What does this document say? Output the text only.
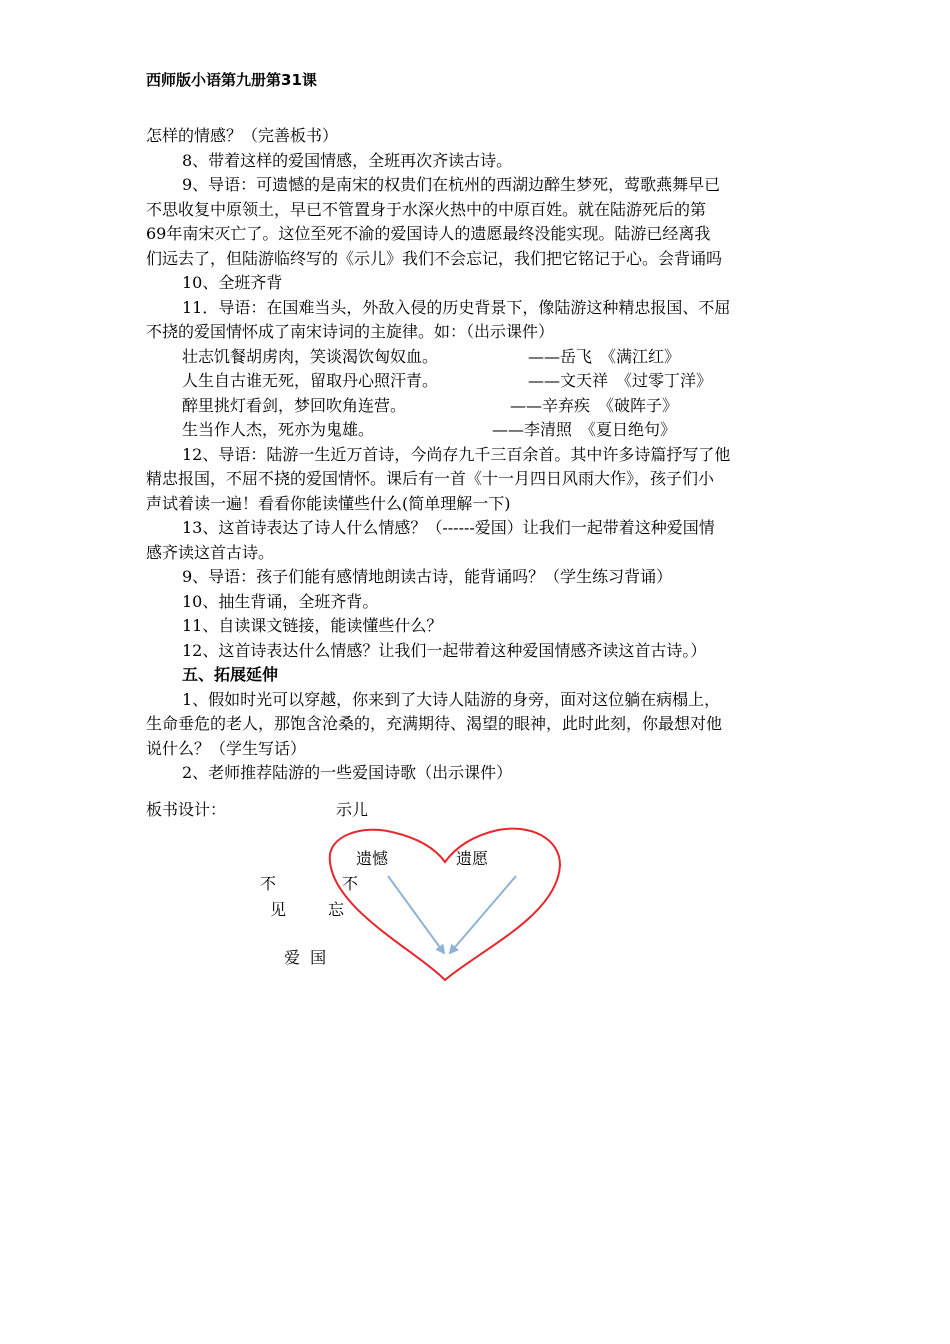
西师版小语第九册第31课

怎样的情感？（完善板书）

8、带着这样的爱国情感，全班再次齐读古诗。

9、导语：可遗憾的是南宋的权贵们在杭州的西湖边醉生梦死，莺歌燕舞早已

不思收复中原领土，早已不管置身于水深火热中的中原百姓。就在陆游死后的第

69年南宋灭亡了。这位至死不渝的爱国诗人的遗愿最终没能实现。陆游已经离我

们远去了，但陆游临终写的《示儿》我们不会忘记，我们把它铭记于心。会背诵吗

10、全班齐背

11．导语：在国难当头，外敌入侵的历史背景下，像陆游这种精忠报国、不屈

不挠的爱国情怀成了南宋诗词的主旋律。如：（出示课件）

壮志饥餐胡虏肉，笑谈渴饮匈奴血。	——岳飞　《满江红》

人生自古谁无死，留取丹心照汗青。	——文天祥　《过零丁洋》

醉里挑灯看剑，梦回吹角连营。	——辛弃疾　《破阵子》

生当作人杰，死亦为鬼雄。	——李清照　《夏日绝句》

12、导语：陆游一生近万首诗，今尚存九千三百余首。其中许多诗篇抒写了他

精忠报国，不屈不挠的爱国情怀。课后有一首《十一月四日风雨大作》，孩子们小

声试着读一遍！看看你能读懂些什么(简单理解一下)

13、这首诗表达了诗人什么情感？（------爱国）让我们一起带着这种爱国情

感齐读这首古诗。

9、导语：孩子们能有感情地朗读古诗，能背诵吗？（学生练习背诵）

10、抽生背诵，全班齐背。

11、自读课文链接，能读懂些什么？

12、这首诗表达什么情感？让我们一起带着这种爱国情感齐读这首古诗。）

五、拓展延伸

1、假如时光可以穿越，你来到了大诗人陆游的身旁，面对这位躺在病榻上，

生命垂危的老人，那饱含沧桑的，充满期待、渴望的眼神，此时此刻，你最想对他

说什么？（学生写话）

2、老师推荐陆游的一些爱国诗歌（出示课件）

板书设计：	示儿
遗憾	遗愿
不
见
不
忘
爱  国
